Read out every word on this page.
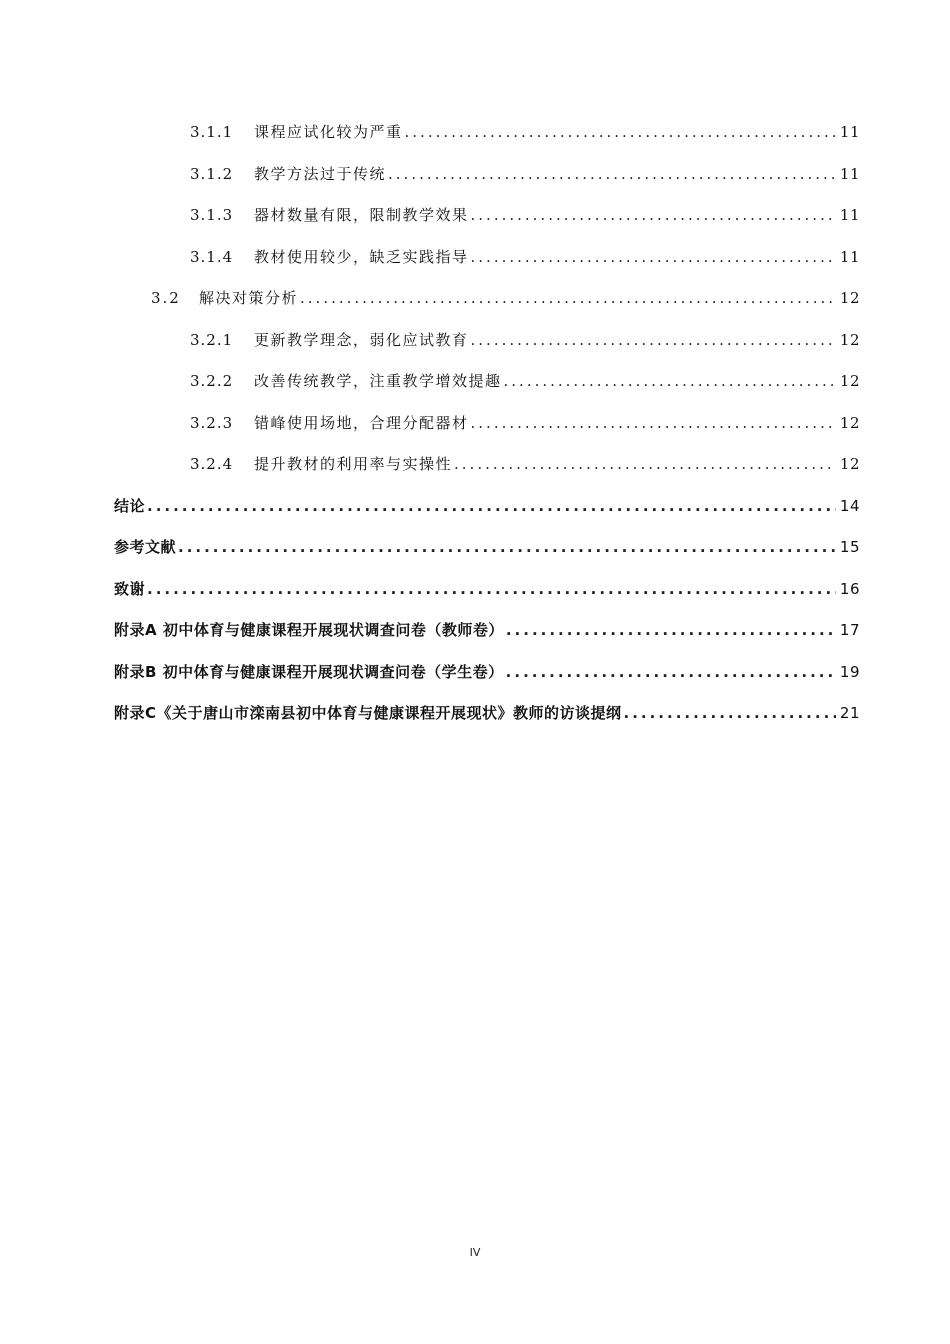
3.1.1	课程应试化较为严重 .....	11
3.1.2	教学方法过于传统 .....	11
3.1.3	器材数量有限，限制教学效果 .....	11
3.1.4	教材使用较少，缺乏实践指导 .....	11
3.2	解决对策分析 .....	12
3.2.1	更新教学理念，弱化应试教育 .....	12
3.2.2	改善传统教学，注重教学增效提趣 .....	12
3.2.3	错峰使用场地，合理分配器材 .....	12
3.2.4	提升教材的利用率与实操性 .....	12
结论 .....	14
参考文献 .....	15
致谢 .....	16
附录A 初中体育与健康课程开展现状调查问卷（教师卷） .....	17
附录B 初中体育与健康课程开展现状调查问卷（学生卷） .....	19
附录C《关于唐山市滦南县初中体育与健康课程开展现状》教师的访谈提纲 .....	21
IV
